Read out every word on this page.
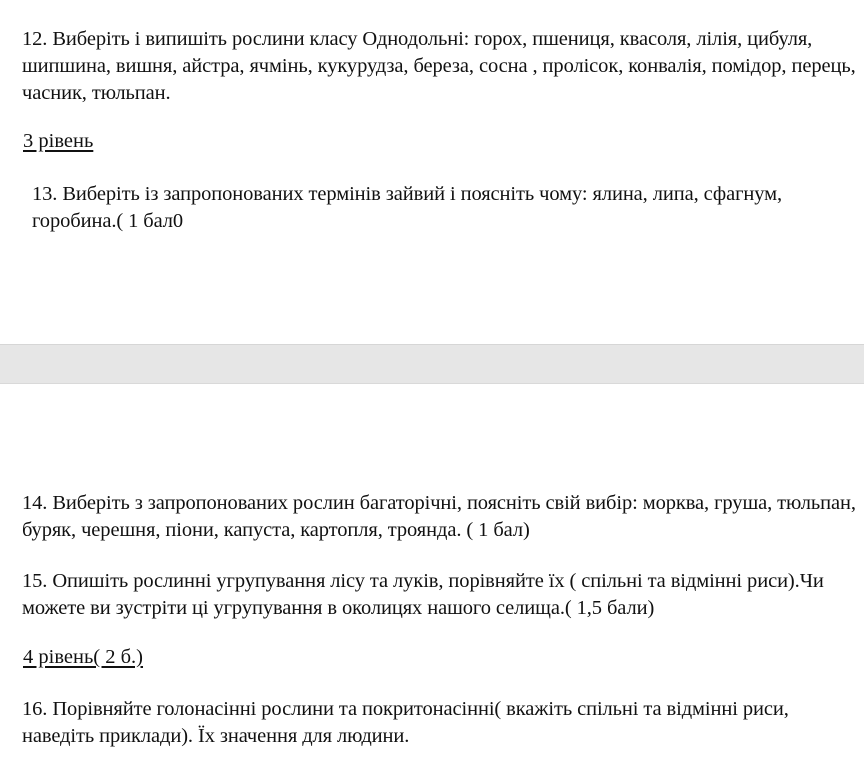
12. Виберіть і випишіть рослини класу Однодольні: горох, пшениця, квасоля, лілія, цибуля, шипшина, вишня, айстра, ячмінь, кукурудза, береза, сосна , пролісок, конвалія, помідор, перець, часник, тюльпан.

3 рівень

13. Виберіть із запропонованих термінів зайвий і поясніть чому: ялина, липа, сфагнум, горобина.( 1 бал0

14. Виберіть з запропонованих рослин багаторічні, поясніть свій вибір: морква, груша, тюльпан, буряк, черешня, піони, капуста, картопля, троянда. ( 1 бал)

15. Опишіть рослинні угрупування лісу та луків, порівняйте їх ( спільні та відмінні риси).Чи можете ви зустріти ці угрупування в околицях нашого селища.( 1,5 бали)

4 рівень( 2 б.)

16. Порівняйте голонасінні рослини та покритонасінні( вкажіть спільні та відмінні риси, наведіть приклади). Їх значення для людини.
